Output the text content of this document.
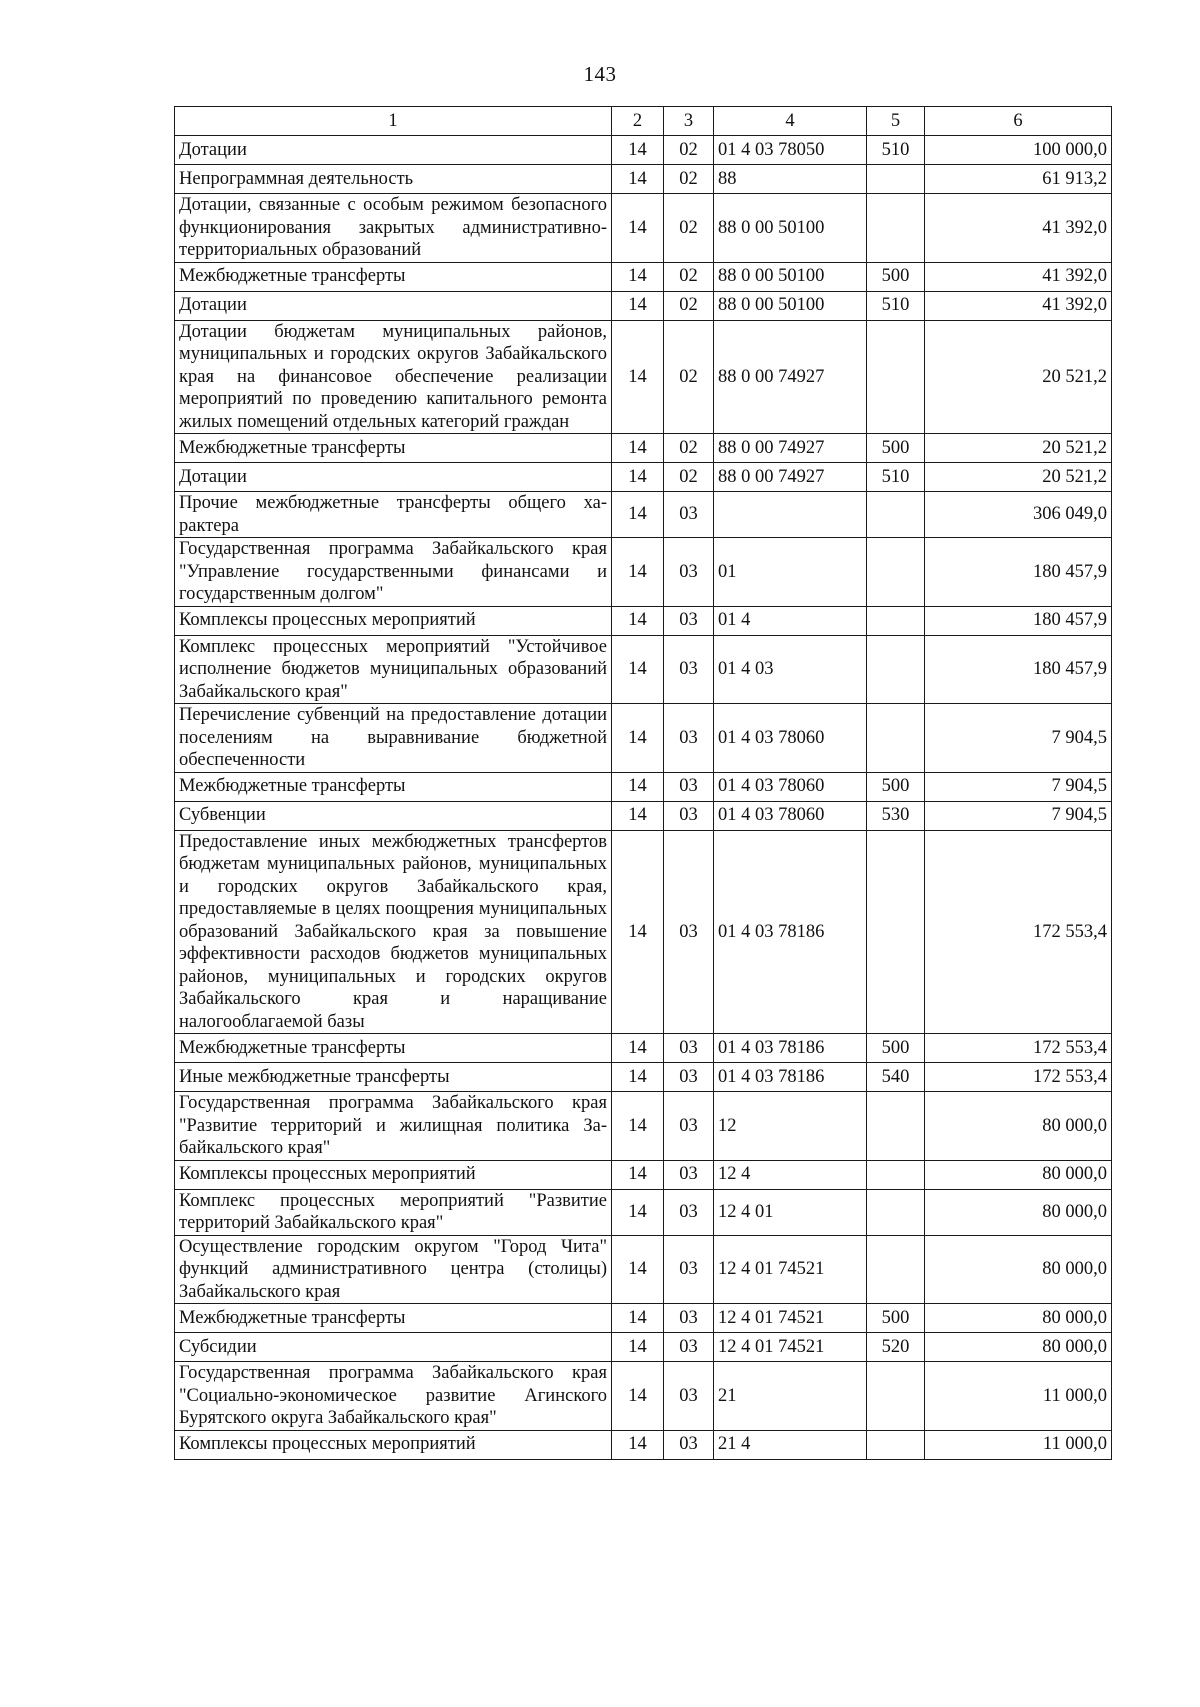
143
1	2	3	4	5	6
Дотации	14	02	01 4 03 78050	510	100 000,0
Непрограммная деятельность	14	02	88		61 913,2
Дотации, связанные с особым режимом безопасного функционирования закрытых административно-территориальных образований	14	02	88 0 00 50100		41 392,0
Межбюджетные трансферты	14	02	88 0 00 50100	500	41 392,0
Дотации	14	02	88 0 00 50100	510	41 392,0
Дотации бюджетам муниципальных районов, муниципальных и городских округов Забайкальского края на финансовое обеспечение реализации мероприятий по проведению капитального ремонта жилых помещений отдельных категорий граждан	14	02	88 0 00 74927		20 521,2
Межбюджетные трансферты	14	02	88 0 00 74927	500	20 521,2
Дотации	14	02	88 0 00 74927	510	20 521,2
Прочие межбюджетные трансферты общего характера	14	03			306 049,0
Государственная программа Забайкальского края "Управление государственными финансами и государственным долгом"	14	03	01		180 457,9
Комплексы процессных мероприятий	14	03	01 4		180 457,9
Комплекс процессных мероприятий "Устойчивое исполнение бюджетов муниципальных образований Забайкальского края"	14	03	01 4 03		180 457,9
Перечисление субвенций на предоставление дотации поселениям на выравнивание бюджетной обеспеченности	14	03	01 4 03 78060		7 904,5
Межбюджетные трансферты	14	03	01 4 03 78060	500	7 904,5
Субвенции	14	03	01 4 03 78060	530	7 904,5
Предоставление иных межбюджетных трансфертов бюджетам муниципальных районов, муниципальных и городских округов Забайкальского края, предоставляемые в целях поощрения муниципальных образований Забайкальского края за повышение эффективности расходов бюджетов муниципальных районов, муниципальных и городских округов Забайкальского края и наращивание налогооблагаемой базы	14	03	01 4 03 78186		172 553,4
Межбюджетные трансферты	14	03	01 4 03 78186	500	172 553,4
Иные межбюджетные трансферты	14	03	01 4 03 78186	540	172 553,4
Государственная программа Забайкальского края "Развитие территорий и жилищная политика Забайкальского края"	14	03	12		80 000,0
Комплексы процессных мероприятий	14	03	12 4		80 000,0
Комплекс процессных мероприятий "Развитие территорий Забайкальского края"	14	03	12 4 01		80 000,0
Осуществление городским округом "Город Чита" функций административного центра (столицы) Забайкальского края	14	03	12 4 01 74521		80 000,0
Межбюджетные трансферты	14	03	12 4 01 74521	500	80 000,0
Субсидии	14	03	12 4 01 74521	520	80 000,0
Государственная программа Забайкальского края "Социально-экономическое развитие Агинского Бурятского округа Забайкальского края"	14	03	21		11 000,0
Комплексы процессных мероприятий	14	03	21 4		11 000,0
